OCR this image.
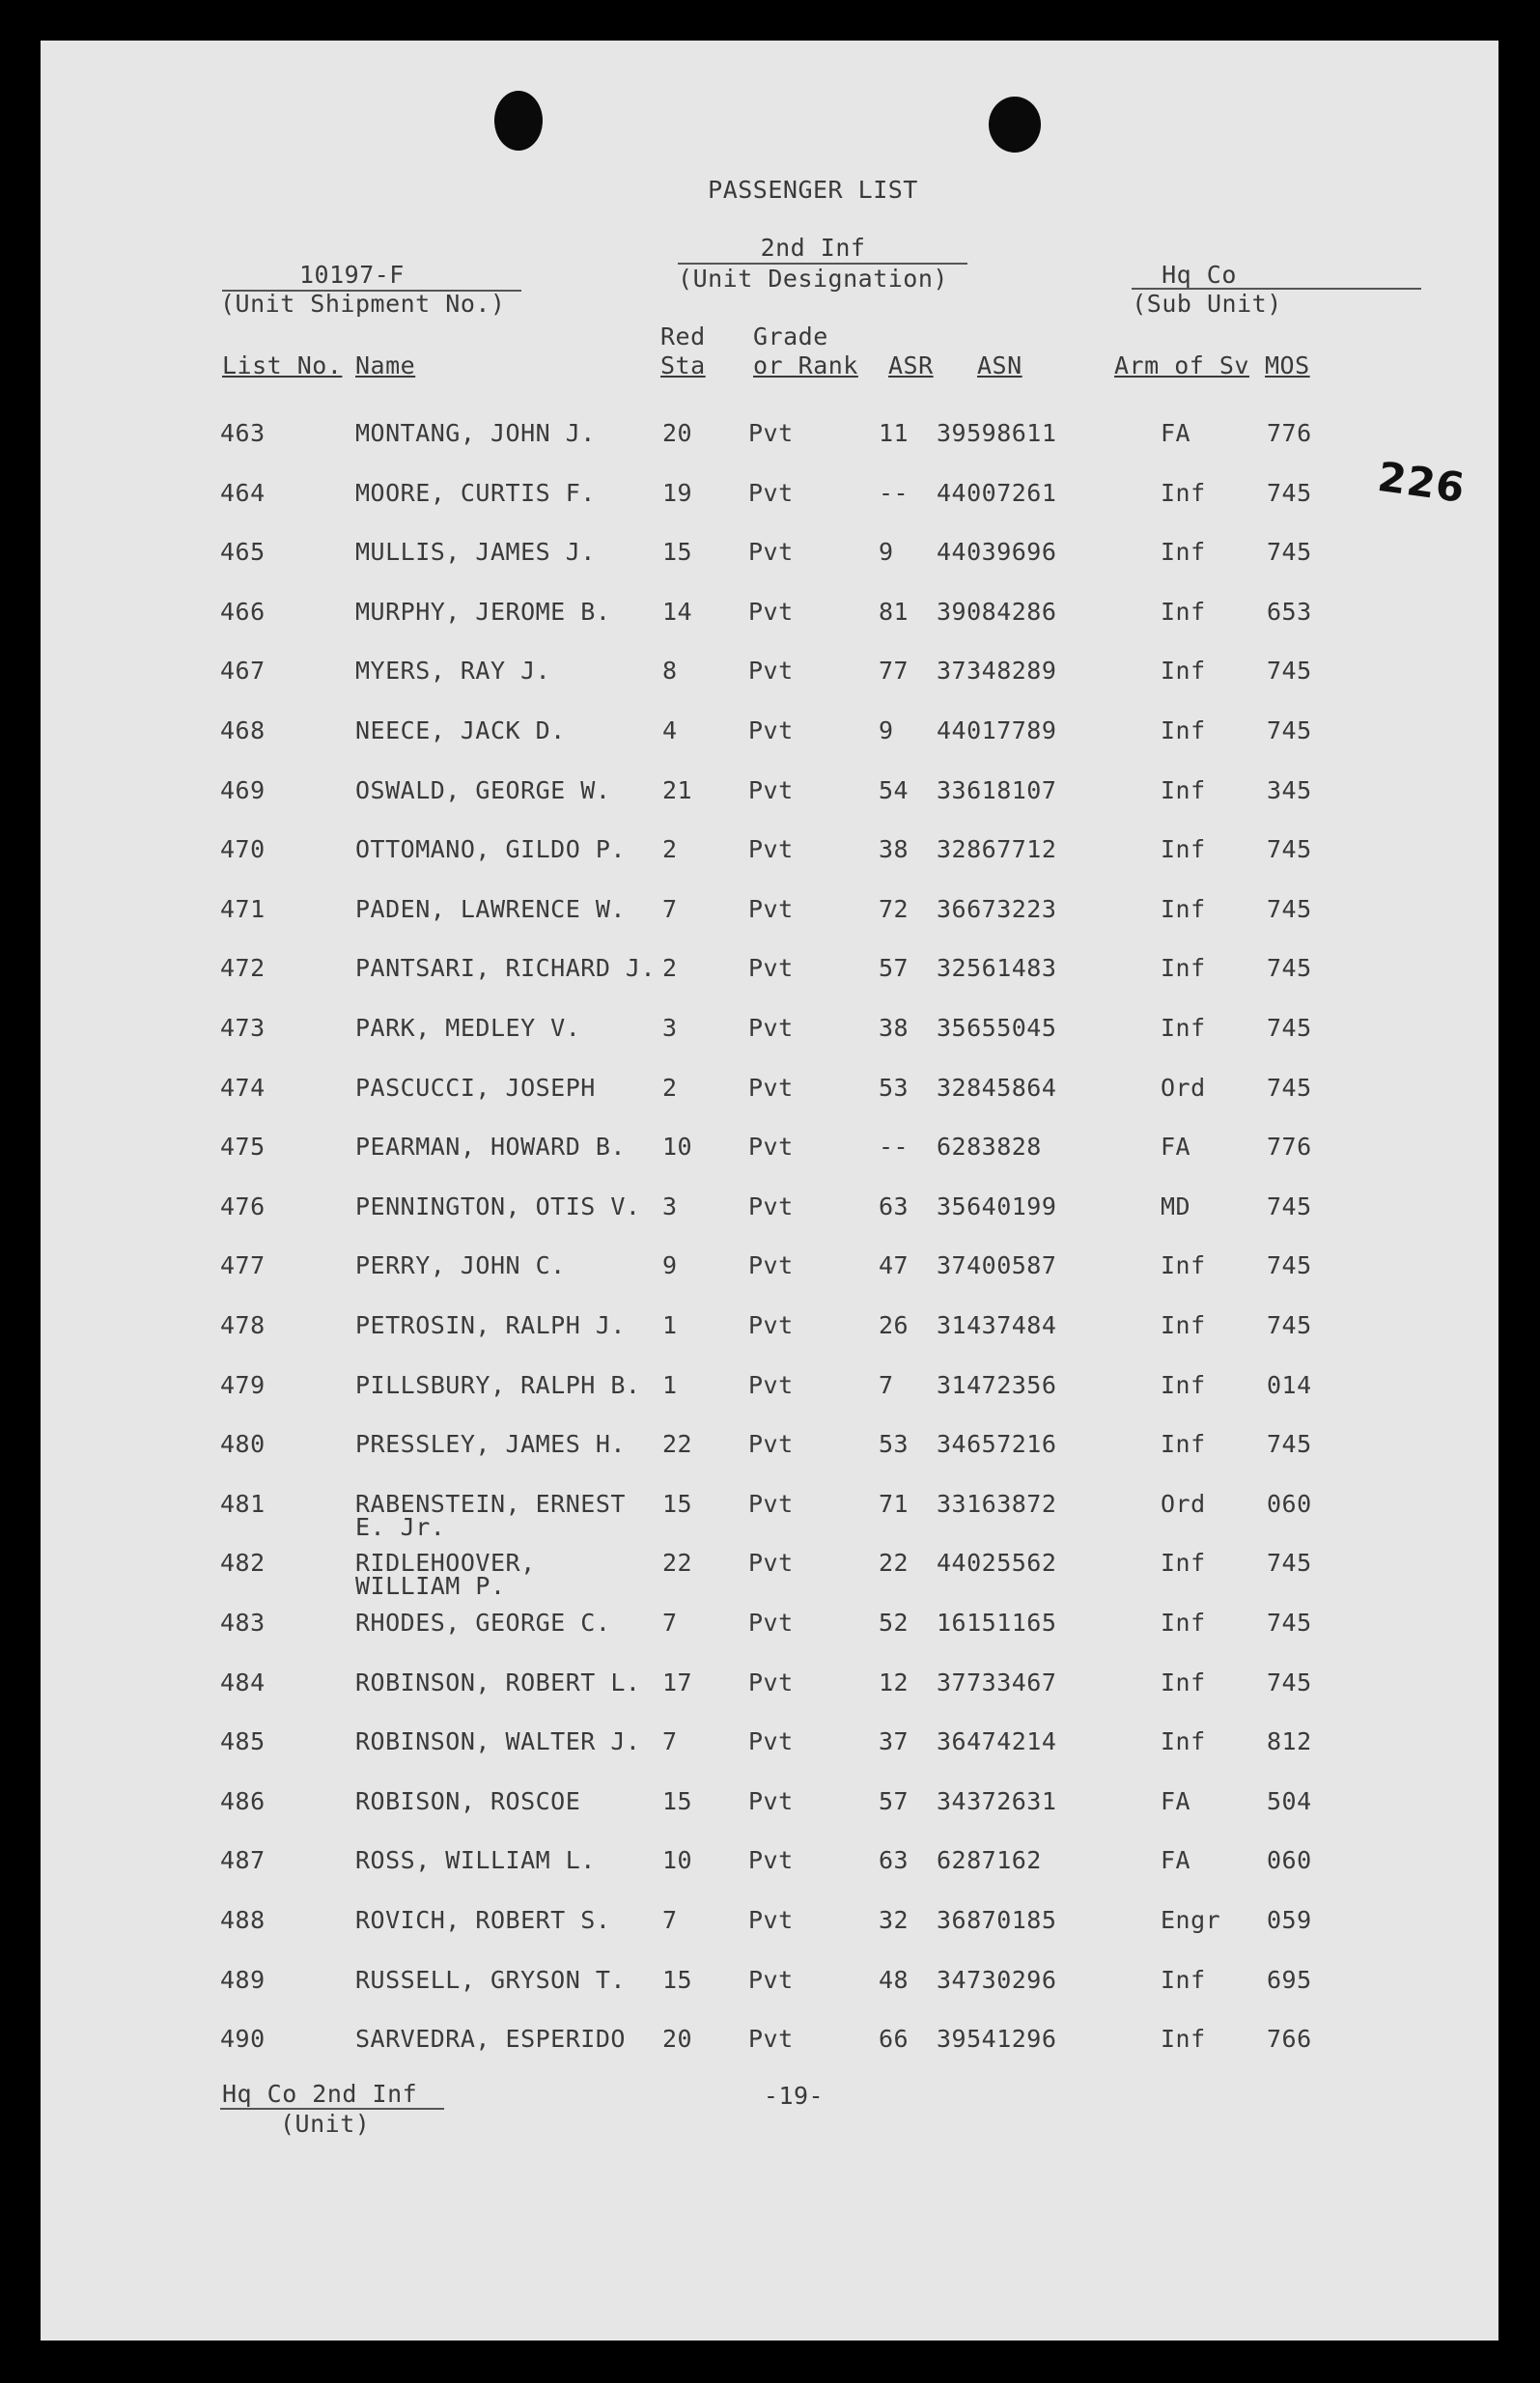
PASSENGER LIST
2nd Inf
(Unit Designation)
10197-F
(Unit Shipment No.)
Hq Co
(Sub Unit)
Red Grade
List No. Name	Sta or Rank ASR ASN	Arm of Sv MOS
226
463	MONTANG, JOHN J.	20 Pvt	11 39598611	FA	776
464	MOORE, CURTIS F.	19 Pvt	-- 44007261	Inf	745
465	MULLIS, JAMES J.	15 Pvt	9 44039696	Inf	745
466	MURPHY, JEROME B. 14 Pvt	81 39084286	Inf	653
467	MYERS, RAY J.	8	Pvt	77 37348289	Inf	745
468	NEECE, JACK D.	4	Pvt	9 44017789	Inf	745
469	OSWALD, GEORGE W. 21 Pvt	54 33618107	Inf	345
470	OTTOMANO, GILDO P. 2	Pvt	38 32867712	Inf	745
471	PADEN, LAWRENCE W. 7	Pvt	72 36673223	Inf	745
472	PANTSARI, RICHARD J. 2	Pvt	57 32561483	Inf	745
473	PARK, MEDLEY V.	3	Pvt	38 35655045	Inf	745
474	PASCUCCI, JOSEPH	2	Pvt	53 32845864	Ord	745
475	PEARMAN, HOWARD B. 10 Pvt	-- 6283828	FA	776
476	PENNINGTON, OTIS V. 3	Pvt	63 35640199	MD	745
477	PERRY, JOHN C.	9	Pvt	47 37400587	Inf	745
478	PETROSIN, RALPH J. 1	Pvt	26 31437484	Inf	745
479	PILLSBURY, RALPH B. 1	Pvt	7 31472356	Inf	014
480	PRESSLEY, JAMES H. 22 Pvt	53 34657216	Inf	745
481	RABENSTEIN, ERNEST 15 Pvt	71 33163872	Ord	060
E. Jr.
482	RIDLEHOOVER,	22 Pvt	22 44025562	Inf	745
WILLIAM P.
483	RHODES, GEORGE C. 7	Pvt	52 16151165	Inf	745
484	ROBINSON, ROBERT L. 17 Pvt	12 37733467	Inf	745
485	ROBINSON, WALTER J. 7	Pvt	37 36474214	Inf	812
486	ROBISON, ROSCOE	15 Pvt	57 34372631	FA	504
487	ROSS, WILLIAM L.	10 Pvt	63 6287162	FA	060
488	ROVICH, ROBERT S. 7	Pvt	32 36870185	Engr 059
489	RUSSELL, GRYSON T. 15 Pvt	48 34730296	Inf	695
490	SARVEDRA, ESPERIDO 20 Pvt	66 39541296	Inf	766
Hq Co 2nd Inf
(Unit)
-19-
